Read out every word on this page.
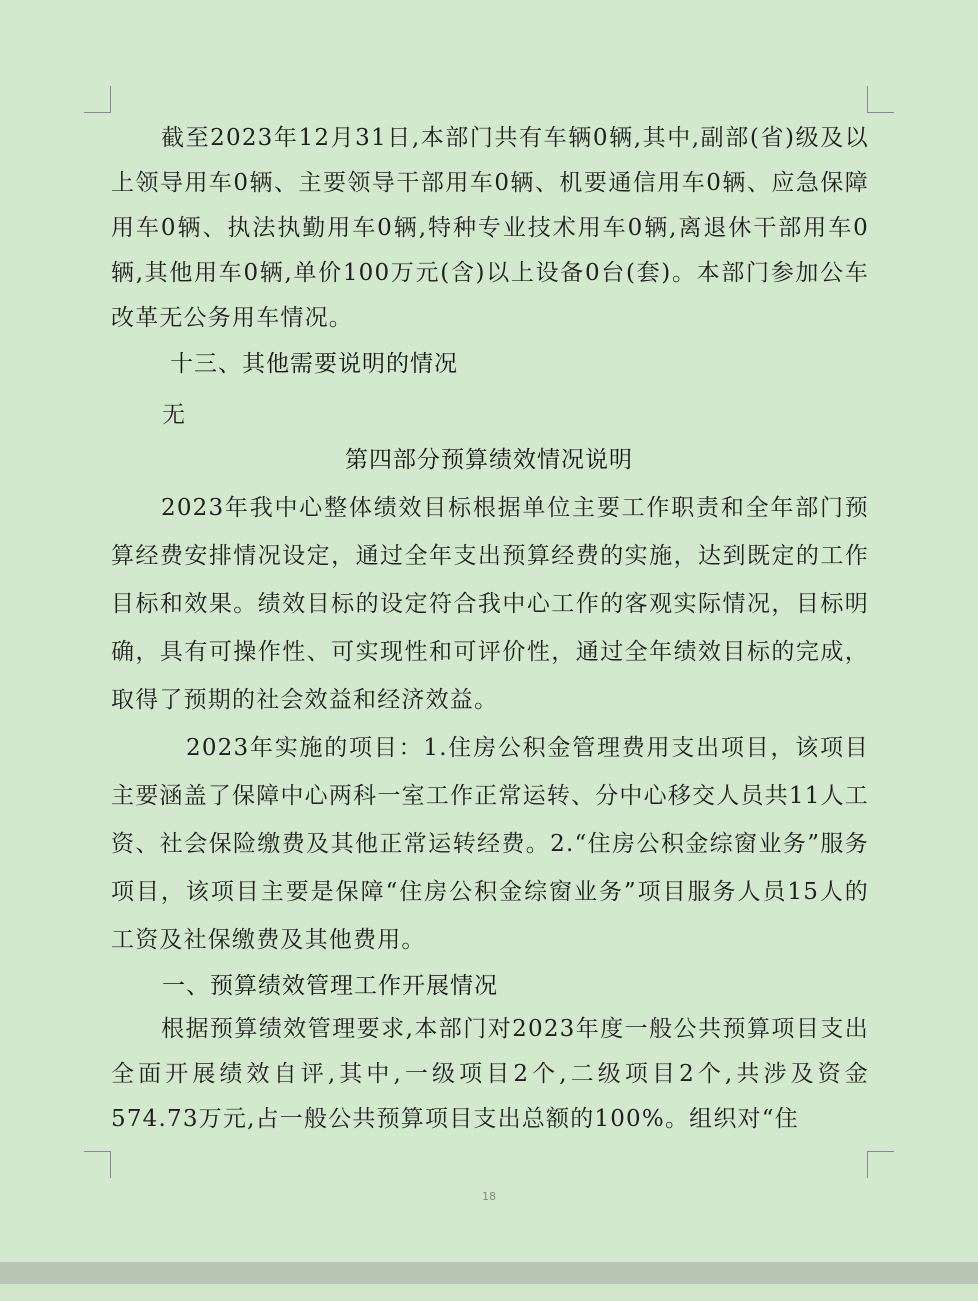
截至2023年12月31日,本部门共有车辆0辆,其中,副部(省)级及以上领导用车0辆、主要领导干部用车0辆、机要通信用车0辆、应急保障用车0辆、执法执勤用车0辆,特种专业技术用车0辆,离退休干部用车0辆,其他用车0辆,单价100万元(含)以上设备0台(套)。本部门参加公车改革无公务用车情况。

十三、其他需要说明的情况
无
第四部分预算绩效情况说明

2023年我中心整体绩效目标根据单位主要工作职责和全年部门预算经费安排情况设定，通过全年支出预算经费的实施，达到既定的工作目标和效果。绩效目标的设定符合我中心工作的客观实际情况，目标明确，具有可操作性、可实现性和可评价性，通过全年绩效目标的完成，取得了预期的社会效益和经济效益。

2023年实施的项目：1.住房公积金管理费用支出项目，该项目主要涵盖了保障中心两科一室工作正常运转、分中心移交人员共11人工资、社会保险缴费及其他正常运转经费。2.“住房公积金综窗业务”服务项目，该项目主要是保障“住房公积金综窗业务”项目服务人员15人的工资及社保缴费及其他费用。

一、预算绩效管理工作开展情况

根据预算绩效管理要求,本部门对2023年度一般公共预算项目支出全面开展绩效自评,其中,一级项目2个,二级项目2个,共涉及资金574.73万元,占一般公共预算项目支出总额的100%。组织对“住

18
